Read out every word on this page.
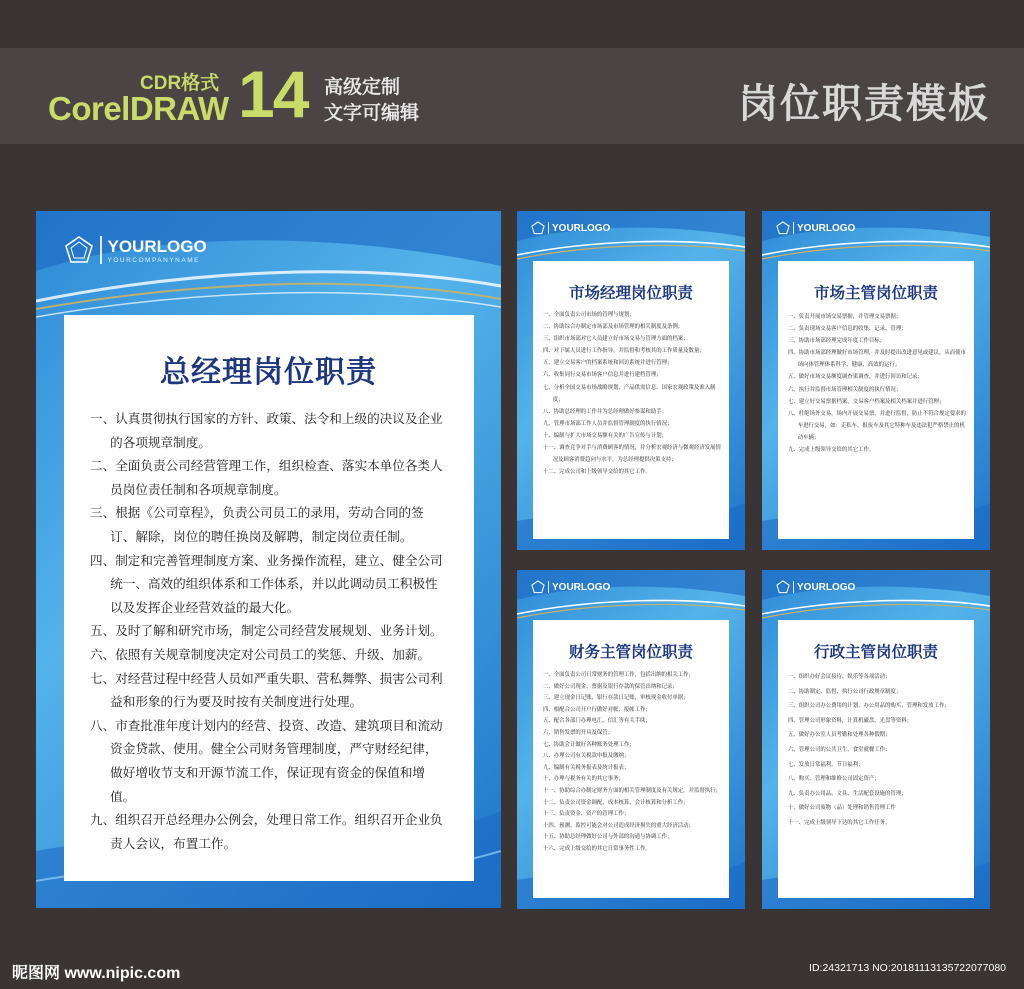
CDR格式
CorelDRAW 14 高级定制
文字可编辑	岗位职责模板
YOURLOGO
YOURCOMPANYNAME
总经理岗位职责
一、认真贯彻执行国家的方针、政策、法令和上级的决议及企业的各项规章制度。
二、全面负责公司经营管理工作，组织检查、落实本单位各类人员岗位责任制和各项规章制度。
三、根据《公司章程》，负责公司员工的录用，劳动合同的签订、解除，岗位的聘任换岗及解聘，制定岗位责任制。
四、制定和完善管理制度方案、业务操作流程，建立、健全公司统一、高效的组织体系和工作体系，并以此调动员工积极性以及发挥企业经营效益的最大化。
五、及时了解和研究市场，制定公司经营发展规划、业务计划。
六、依照有关规章制度决定对公司员工的奖惩、升级、加薪。
七、对经营过程中经营人员如严重失职、营私舞弊、损害公司利益和形象的行为要及时按有关制度进行处理。
八、市查批准年度计划内的经营、投资、改造、建筑项目和流动资金贷款、使用。健全公司财务管理制度，严守财经纪律，做好增收节支和开源节流工作，保证现有资金的保值和增值。
九、组织召开总经理办公例会，处理日常工作。组织召开企业负责人会议，布置工作。
YOURLOGO
市场经理岗位职责
一、全面负责公司市场的管理与规划；
二、协助综合办制定市场部及市场管理的相关制度及条例；
三、组织市场部对它人员建立好市场交易与管理方面的档案；
四、对下属人员进行工作指导，并监督和考核其的工作质量及数量；
五、建立交易客户的档案系统和回访系统并进行管理；
六、收集同行交易市场客户信息并进行建档管理；
七、分析全国交易市场战略规划、产品供需信息、国家宏观政策及准入制度；
八、协助总经理的工作并为总经理做好参谋和助手；
九、管理市场部工作人员并监督管理制度的执行情况；
十、编制与扩大市场交易额有关的广告宣传与计划；
十一、调查竞争对手与消费顾客的情况，并分析宏观经济与微观经济发展情况及顾客消费趋向与水平，为总经理提供决策支持；
十二、完成公司和上级领导交给的其它工作。
YOURLOGO
市场主管岗位职责
一、负责开展市场交易票据，并管理交易票据；
二、负责现场交易客户信息的收集、记录、管理；
三、协助市场部经理完成年度工作目标；
四、协助市场部经理做好市场管理，并及时提出改进意见或建议，从而使市场向体管理体系科学、健康、高效的运行；
五、做好市场交易额度调查果调查，并进行回访和记录；
六、执行并监督市场管理相关制度的执行情况；
七、建立好交易票据档案，交易客户档案及相关档案并进行管理；
八、杜绝场外交易，场内开展交易票，并进行监督，防止不符合规定要求的车进行交易，如：走私车、报废车及其它特种车及违法犯严格禁止的机动车辆；
九、完成上级领导交给的其它工作。
YOURLOGO
财务主管岗位职责
一、全面负责公司日常财务的管理工作，包括出纳的相关工作；
二、做好公司现金、票据及银行存款的保管出纳和记录；
三、建立现金日记账、银行存款日记账，审核现金收付单据；
四、根配合公司开户行做好对帐、报帐工作；
五、配合各部门办理电汇、信汇等有关手续；
六、销售发票的开具及保管；
七、协助会计做好各种账务处理工作；
八、办理公司有关税款申报及缴纳；
九、编制有关税务报表及统计报表；
十、办理与税务有关的其它事务；
十一、协助综合办制定财务方面的相关管理制度及有关规定，并监督执行；
十二、负责公司资金调配、成本核算、会计核算和分析工作；
十三、负责资金、资产的管理工作；
十四、预测、监控可能会对公司造成经济损失的重大经济活动；
十五、协助总经理做好公司与外部的沟通与协调工作；
十六、完成上级交给的其它日常事务性工作。
YOURLOGO
行政主管岗位职责
一、组织办好会议接待、娱乐等各项活动；
二、协助制定、监督、执行公司行政规章制度；
三、组织公司办公费用的计划、办公用品的购买、管理和发放工作；
四、管理公司形象资料，计算机磁盘、光盘等资料；
五、做好办公室人员考勤和处理各种假期；
六、管理公司的公共卫生、食堂就餐工作；
七、发放日常福利、节日福利；
八、购买、管理和维修公司固定资产；
九、负责办公用品、文具、生活配套设施的管理；
十、做好公司废物（品）处理和销售管理工作
十一、完成上级领导下达的其它工作任务。
昵图网 www.nipic.com	ID:24321713 NO:20181113135722077080
